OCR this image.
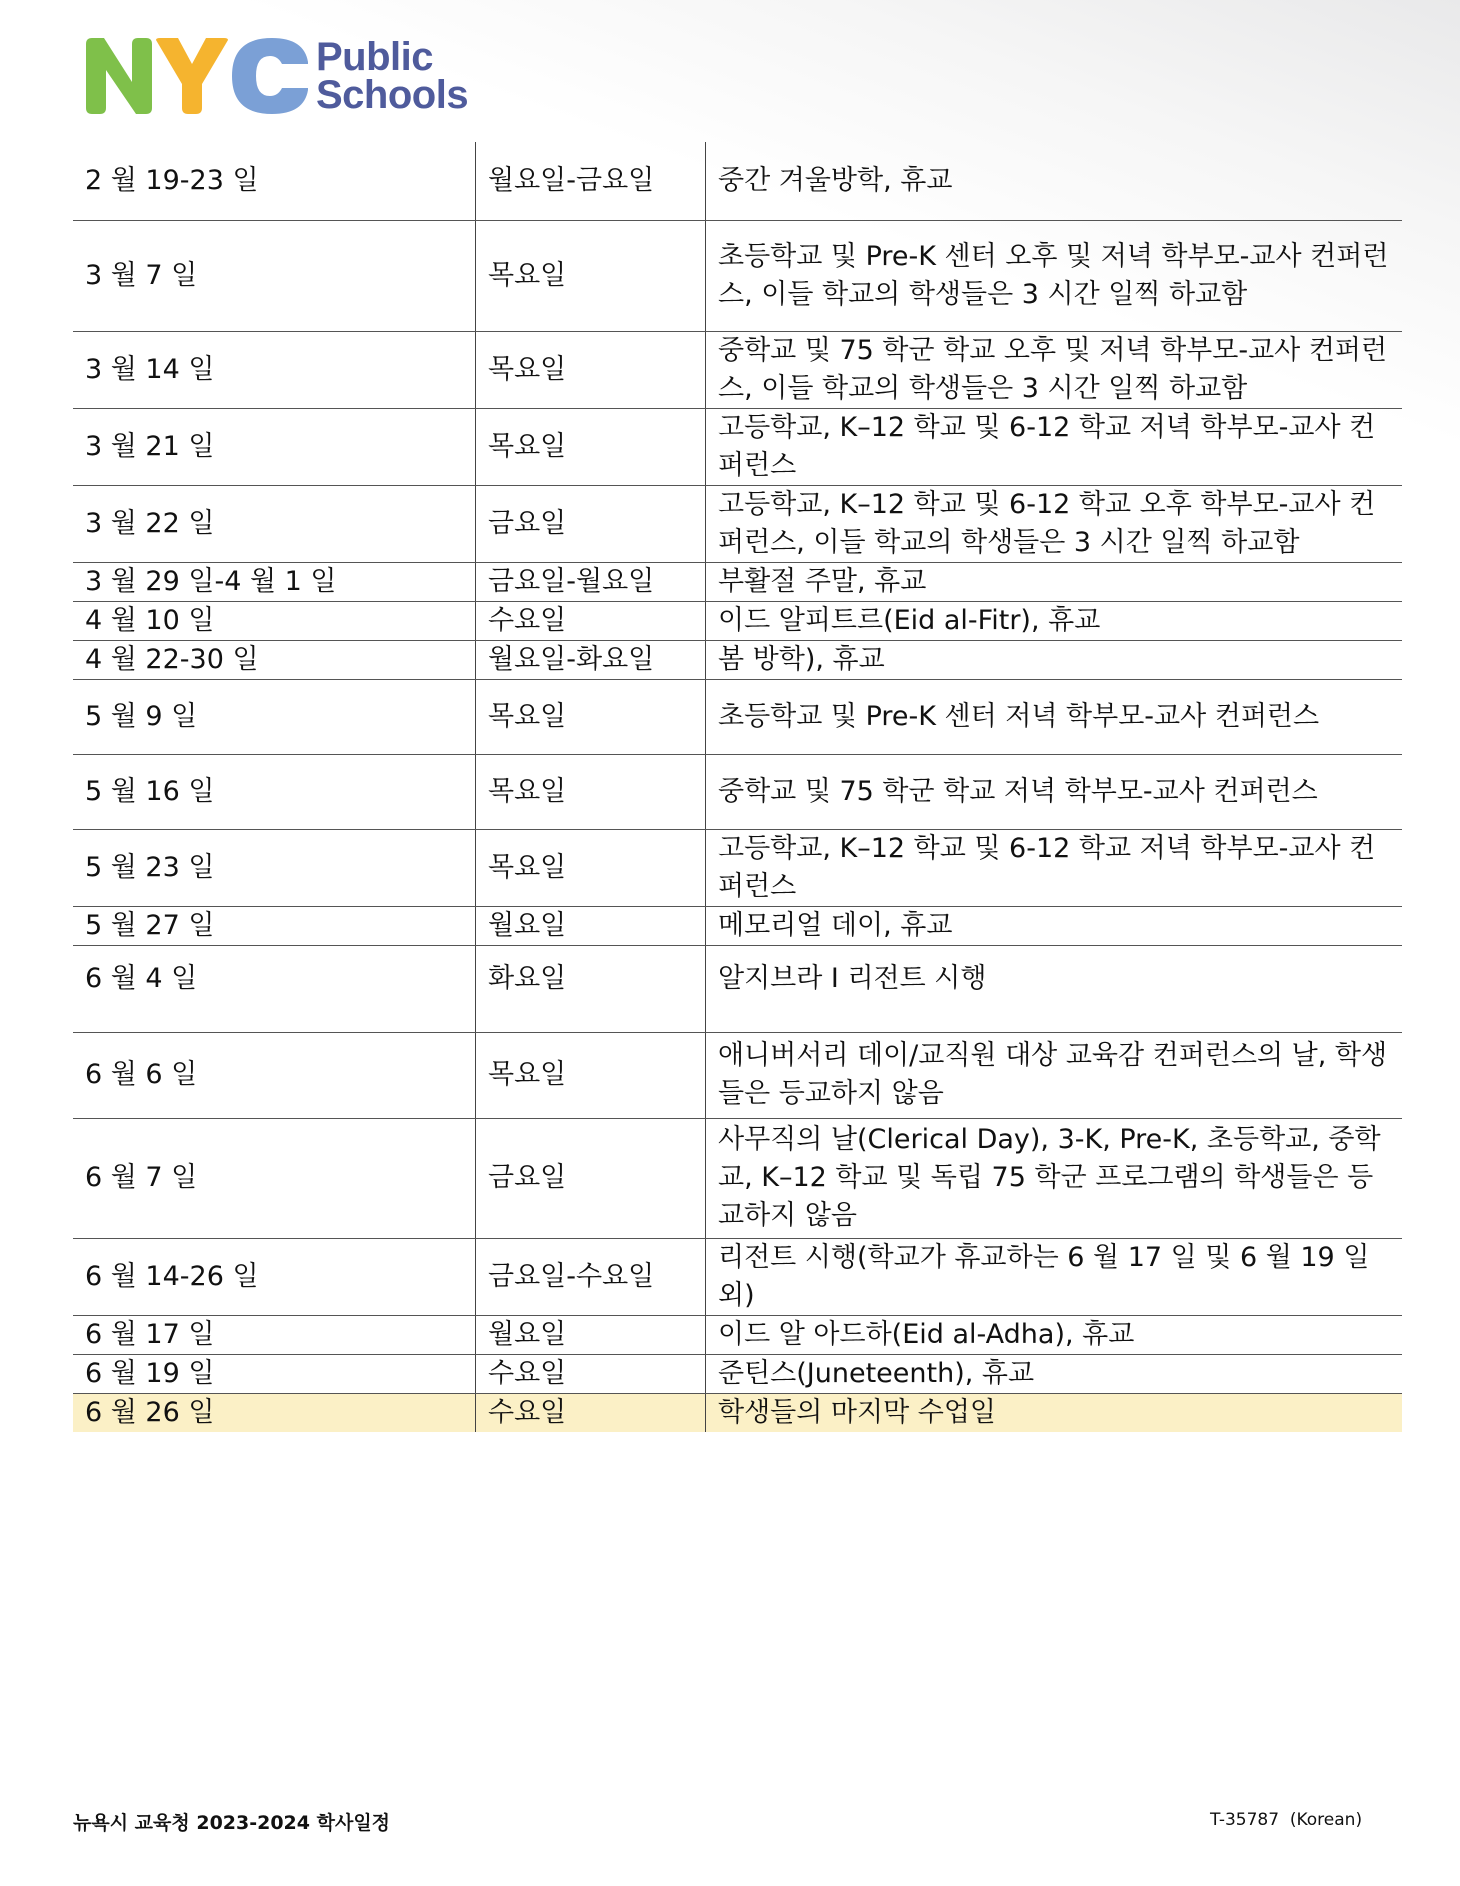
Public
Schools
2 월 19-23 일	월요일-금요일	중간 겨울방학, 휴교
3 월 7 일	목요일	초등학교 및 Pre-K 센터 오후 및 저녁 학부모-교사 컨퍼런스, 이들 학교의 학생들은 3 시간 일찍 하교함
3 월 14 일	목요일	중학교 및 75 학군 학교 오후 및 저녁 학부모-교사 컨퍼런스, 이들 학교의 학생들은 3 시간 일찍 하교함
3 월 21 일	목요일	고등학교, K–12 학교 및 6-12 학교 저녁 학부모-교사 컨퍼런스
3 월 22 일	금요일	고등학교, K–12 학교 및 6-12 학교 오후 학부모-교사 컨퍼런스, 이들 학교의 학생들은 3 시간 일찍 하교함
3 월 29 일-4 월 1 일	금요일-월요일	부활절 주말, 휴교
4 월 10 일	수요일	이드 알피트르(Eid al-Fitr), 휴교
4 월 22-30 일	월요일-화요일	봄 방학), 휴교
5 월 9 일	목요일	초등학교 및 Pre-K 센터 저녁 학부모-교사 컨퍼런스
5 월 16 일	목요일	중학교 및 75 학군 학교 저녁 학부모-교사 컨퍼런스
5 월 23 일	목요일	고등학교, K–12 학교 및 6-12 학교 저녁 학부모-교사 컨퍼런스
5 월 27 일	월요일	메모리얼 데이, 휴교
6 월 4 일	화요일	알지브라 I 리전트 시행
6 월 6 일	목요일	애니버서리 데이/교직원 대상 교육감 컨퍼런스의 날, 학생들은 등교하지 않음
6 월 7 일	금요일	사무직의 날(Clerical Day), 3-K, Pre-K, 초등학교, 중학교, K–12 학교 및 독립 75 학군 프로그램의 학생들은 등교하지 않음
6 월 14-26 일	금요일-수요일	리전트 시행(학교가 휴교하는 6 월 17 일 및 6 월 19 일 외)
6 월 17 일	월요일	이드 알 아드하(Eid al-Adha), 휴교
6 월 19 일	수요일	준틴스(Juneteenth), 휴교
6 월 26 일	수요일	학생들의 마지막 수업일
뉴욕시 교육청 2023-2024 학사일정	T-35787  (Korean)
